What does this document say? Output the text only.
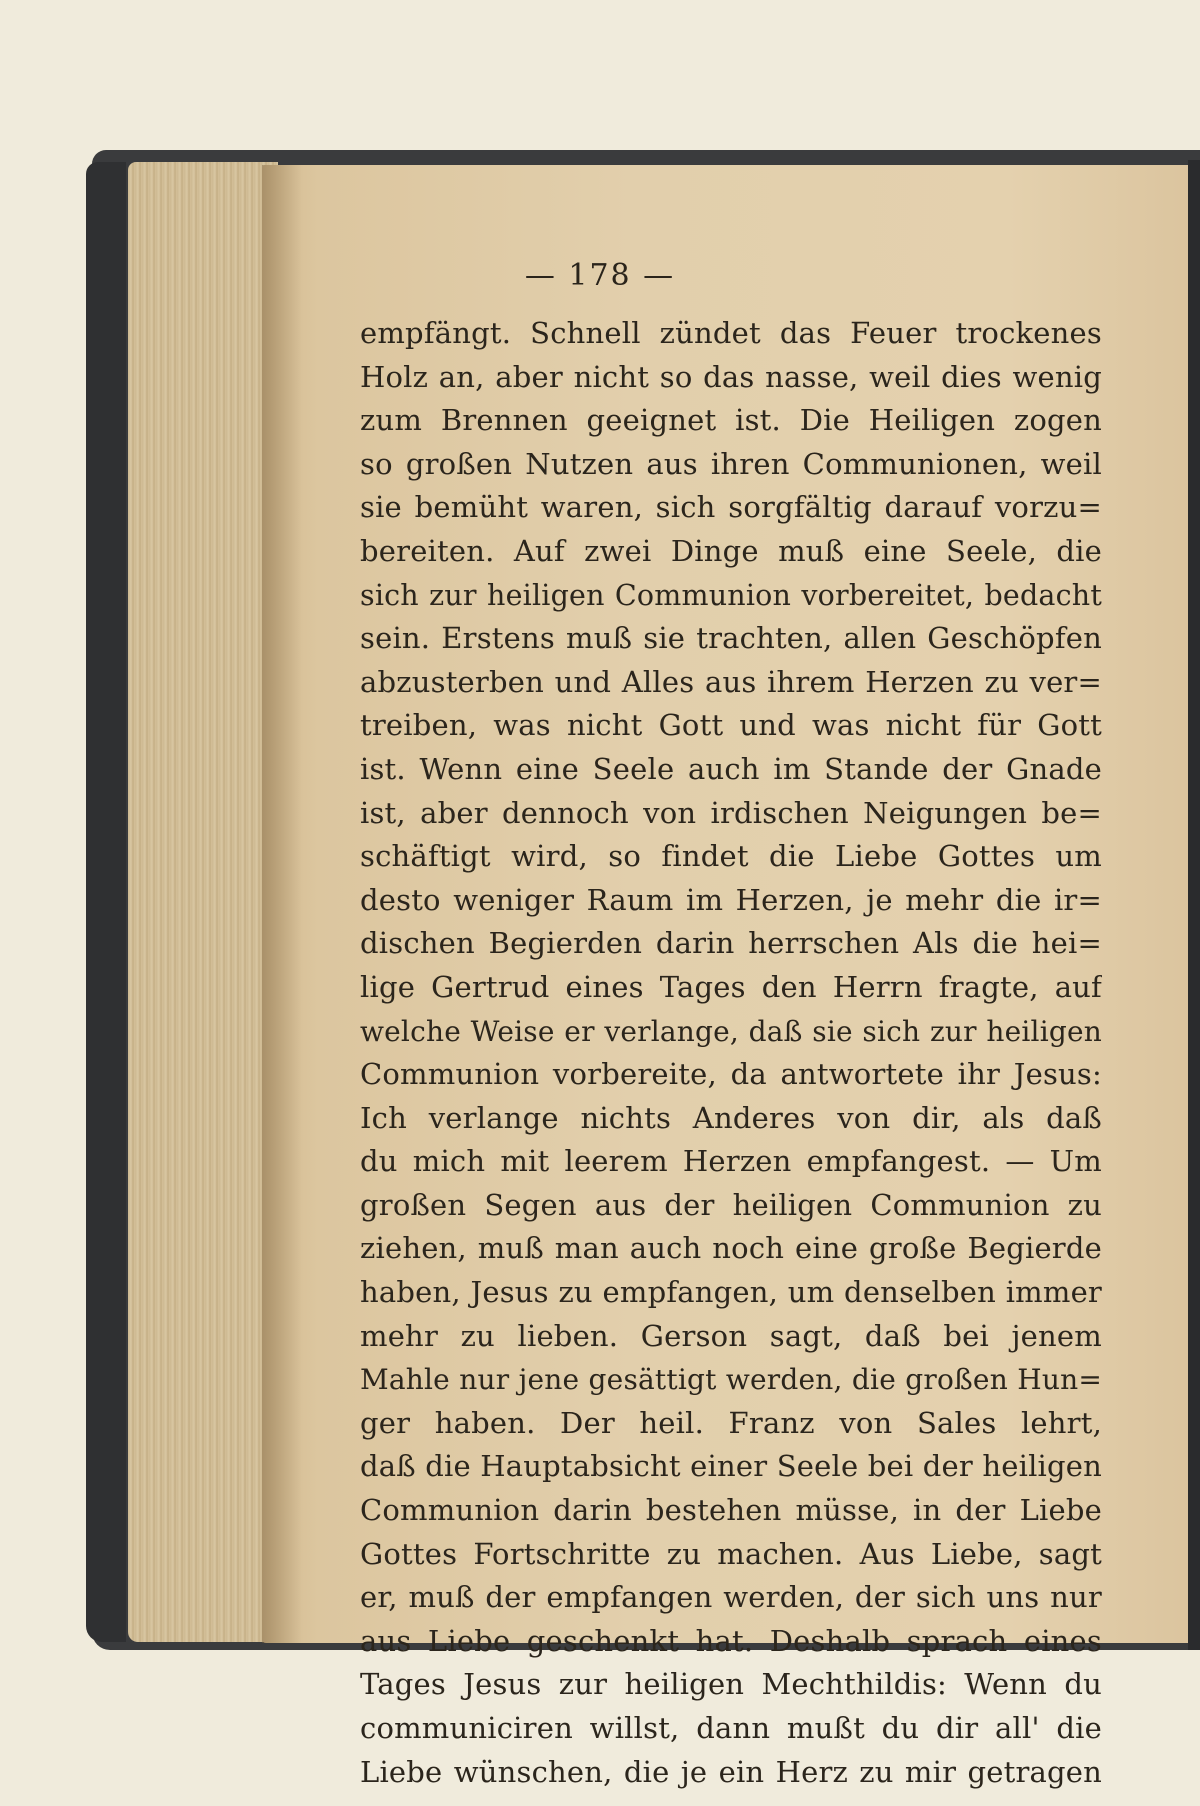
— 178 —
empfängt. Schnell zündet das Feuer trockenes
Holz an, aber nicht so das nasse, weil dies wenig
zum Brennen geeignet ist. Die Heiligen zogen
so großen Nutzen aus ihren Communionen, weil
sie bemüht waren, sich sorgfältig darauf vorzu=
bereiten. Auf zwei Dinge muß eine Seele, die
sich zur heiligen Communion vorbereitet, bedacht
sein. Erstens muß sie trachten, allen Geschöpfen
abzusterben und Alles aus ihrem Herzen zu ver=
treiben, was nicht Gott und was nicht für Gott
ist. Wenn eine Seele auch im Stande der Gnade
ist, aber dennoch von irdischen Neigungen be=
schäftigt wird, so findet die Liebe Gottes um
desto weniger Raum im Herzen, je mehr die ir=
dischen Begierden darin herrschen Als die hei=
lige Gertrud eines Tages den Herrn fragte, auf
welche Weise er verlange, daß sie sich zur heiligen
Communion vorbereite, da antwortete ihr Jesus:
Ich verlange nichts Anderes von dir, als daß
du mich mit leerem Herzen empfangest. — Um
großen Segen aus der heiligen Communion zu
ziehen, muß man auch noch eine große Begierde
haben, Jesus zu empfangen, um denselben immer
mehr zu lieben. Gerson sagt, daß bei jenem
Mahle nur jene gesättigt werden, die großen Hun=
ger haben. Der heil. Franz von Sales lehrt,
daß die Hauptabsicht einer Seele bei der heiligen
Communion darin bestehen müsse, in der Liebe
Gottes Fortschritte zu machen. Aus Liebe, sagt
er, muß der empfangen werden, der sich uns nur
aus Liebe geschenkt hat. Deshalb sprach eines
Tages Jesus zur heiligen Mechthildis: Wenn du
communiciren willst, dann mußt du dir all' die
Liebe wünschen, die je ein Herz zu mir getragen
